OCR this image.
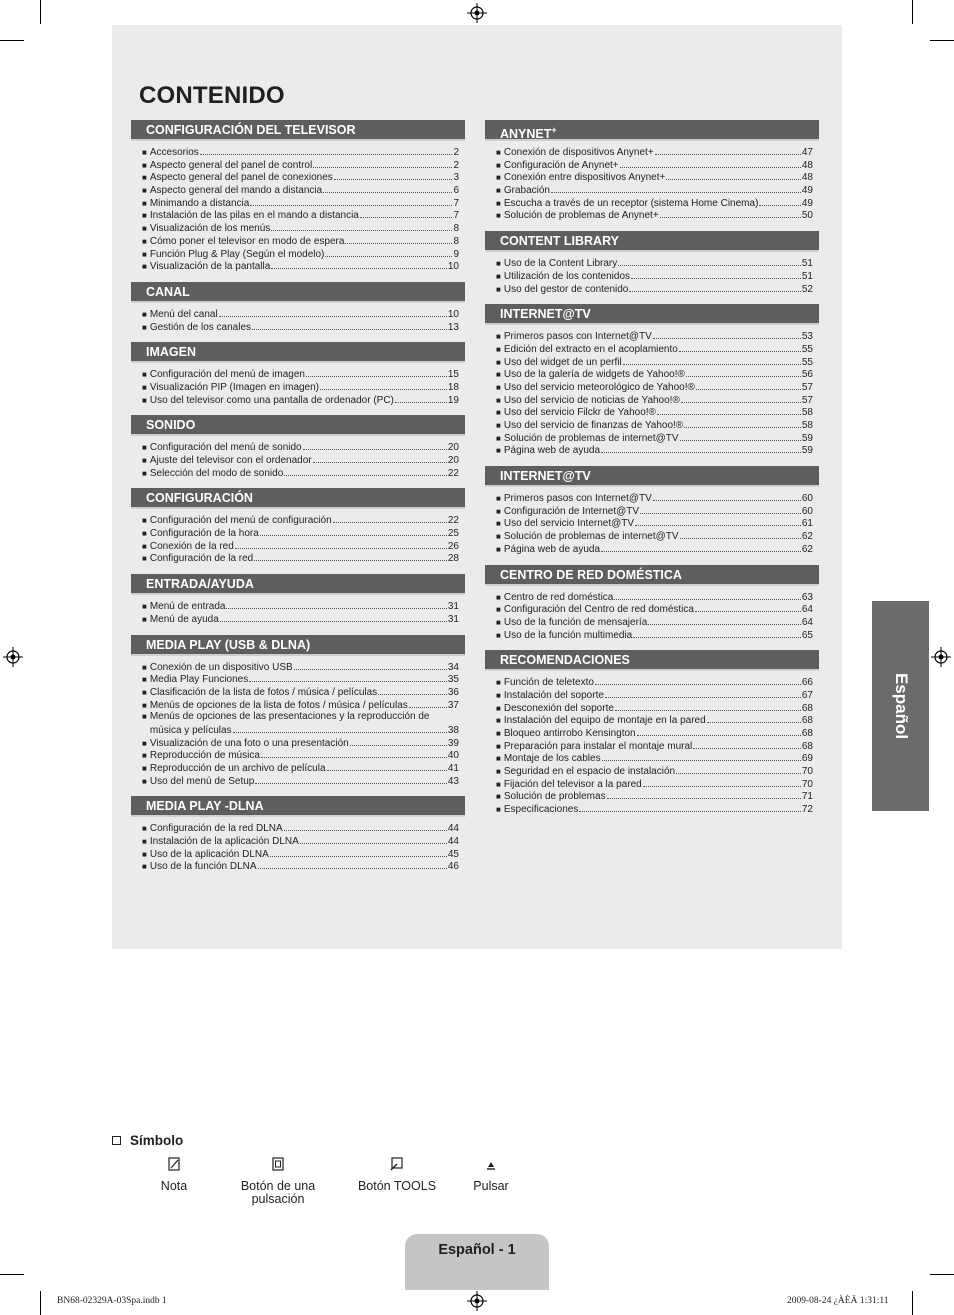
CONTENIDO
CONFIGURACIÓN DEL TELEVISOR
■ Accesorios	2
■ Aspecto general del panel de control	2
■ Aspecto general del panel de conexiones	3
■ Aspecto general del mando a distancia	6
■ Minimando a distancia	7
■ Instalación de las pilas en el mando a distancia	7
■ Visualización de los menús	8
■ Cómo poner el televisor en modo de espera	8
■ Función Plug & Play (Según el modelo)	9
■ Visualización de la pantalla	10
CANAL
■ Menú del canal	10
■ Gestión de los canales	13
IMAGEN
■ Configuración del menú de imagen	15
■ Visualización PIP (Imagen en imagen)	18
■ Uso del televisor como una pantalla de ordenador (PC)	19
SONIDO
■ Configuración del menú de sonido	20
■ Ajuste del televisor con el ordenador	20
■ Selección del modo de sonido	22
CONFIGURACIÓN
■ Configuración del menú de configuración	22
■ Configuración de la hora	25
■ Conexión de la red	26
■ Configuración de la red	28
ENTRADA/AYUDA
■ Menú de entrada	31
■ Menú de ayuda	31
MEDIA PLAY (USB & DLNA)
■ Conexión de un dispositivo USB	34
■ Media Play Funciones	35
■ Clasificación de la lista de fotos / música / películas	36
■ Menús de opciones de la lista de fotos / música / películas	37
■ Menús de opciones de las presentaciones y la reproducción de
música y películas	38
■ Visualización de una foto o una presentación	39
■ Reproducción de música	40
■ Reproducción de un archivo de película	41
■ Uso del menú de Setup	43
MEDIA PLAY -DLNA
■ Configuración de la red DLNA	44
■ Instalación de la aplicación DLNA	44
■ Uso de la aplicación DLNA	45
■ Uso de la función DLNA	46
ANYNET+
■ Conexión de dispositivos Anynet+	47
■ Configuración de Anynet+	48
■ Conexión entre dispositivos Anynet+	48
■ Grabación	49
■ Escucha a través de un receptor (sistema Home Cinema)	49
■ Solución de problemas de Anynet+	50
CONTENT LIBRARY
■ Uso de la Content Library	51
■ Utilización de los contenidos	51
■ Uso del gestor de contenido	52
INTERNET@TV
■ Primeros pasos con Internet@TV	53
■ Edición del extracto en el acoplamiento	55
■ Uso del widget de un perfil	55
■ Uso de la galería de widgets de Yahoo!®	56
■ Uso del servicio meteorológico de Yahoo!®	57
■ Uso del servicio de noticias de Yahoo!®	57
■ Uso del servicio Filckr de Yahoo!®	58
■ Uso del servicio de finanzas de Yahoo!®	58
■ Solución de problemas de internet@TV	59
■ Página web de ayuda	59
INTERNET@TV
■ Primeros pasos con Internet@TV	60
■ Configuración de Internet@TV	60
■ Uso del servicio Internet@TV	61
■ Solución de problemas de internet@TV	62
■ Página web de ayuda	62
CENTRO DE RED DOMÉSTICA
■ Centro de red doméstica	63
■ Configuración del Centro de red doméstica	64
■ Uso de la función de mensajería	64
■ Uso de la función multimedia	65
RECOMENDACIONES
■ Función de teletexto	66
■ Instalación del soporte	67
■ Desconexión del soporte	68
■ Instalación del equipo de montaje en la pared	68
■ Bloqueo antirrobo Kensington	68
■ Preparación para instalar el montaje mural	68
■ Montaje de los cables	69
■ Seguridad en el espacio de instalación	70
■ Fijación del televisor a la pared	70
■ Solución de problemas	71
■ Especificaciones	72
Español
Símbolo
Nota	Botón de una pulsación
Botón TOOLS	Pulsar
Español - 1
BN68-02329A-03Spa.indb 1	2009-08-24 ¿ÀÈÄ 1:31:11
